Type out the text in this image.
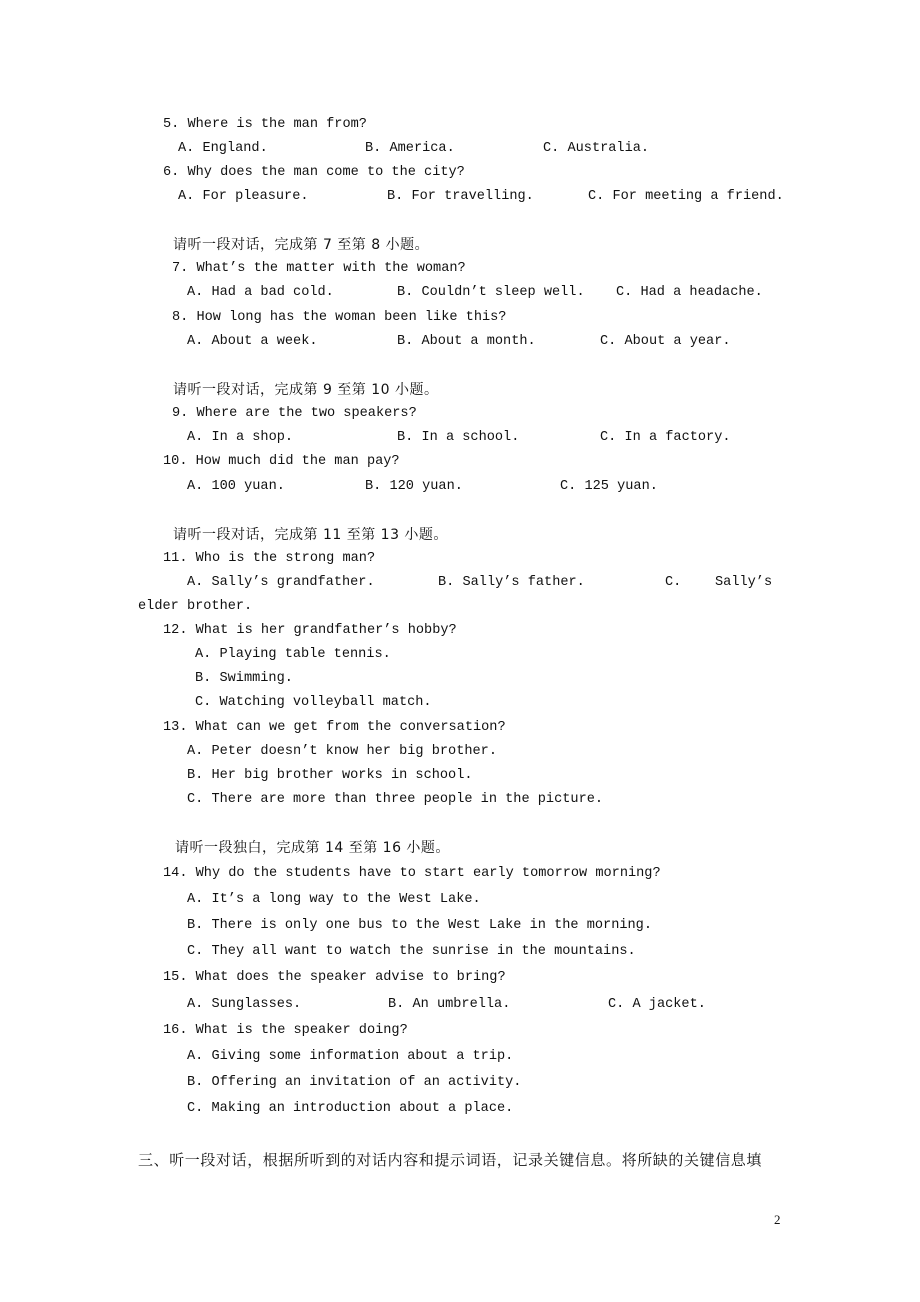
5. Where is the man from?
A. England.	B. America.	C. Australia.
6. Why does the man come to the city?
A. For pleasure.	B. For travelling.	C. For meeting a friend.
请听一段对话，完成第 7 至第 8 小题。
7. What’s the matter with the woman?
A. Had a bad cold.	B. Couldn’t sleep well. C. Had a headache.
8. How long has the woman been like this?
A. About a week.	B. About a month.	C. About a year.
请听一段对话，完成第 9 至第 10 小题。
9. Where are the two speakers?
A. In a shop.	B. In a school.	C. In a factory.
10. How much did the man pay?
A. 100 yuan.	B. 120 yuan.	C. 125 yuan.
请听一段对话，完成第 11 至第 13 小题。
11. Who is the strong man?
A. Sally’s grandfather.	B. Sally’s father.	C. Sally’s
elder brother.
12. What is her grandfather’s hobby?
A. Playing table tennis.
B. Swimming.
C. Watching volleyball match.
13. What can we get from the conversation?
A. Peter doesn’t know her big brother.
B. Her big brother works in school.
C. There are more than three people in the picture.
请听一段独白，完成第 14 至第 16 小题。
14. Why do the students have to start early tomorrow morning?
A. It’s a long way to the West Lake.
B. There is only one bus to the West Lake in the morning.
C. They all want to watch the sunrise in the mountains.
15. What does the speaker advise to bring?
A. Sunglasses.	B. An umbrella.	C. A jacket.
16. What is the speaker doing?
A. Giving some information about a trip.
B. Offering an invitation of an activity.
C. Making an introduction about a place.
三、听一段对话，根据所听到的对话内容和提示词语，记录关键信息。将所缺的关键信息填
2
